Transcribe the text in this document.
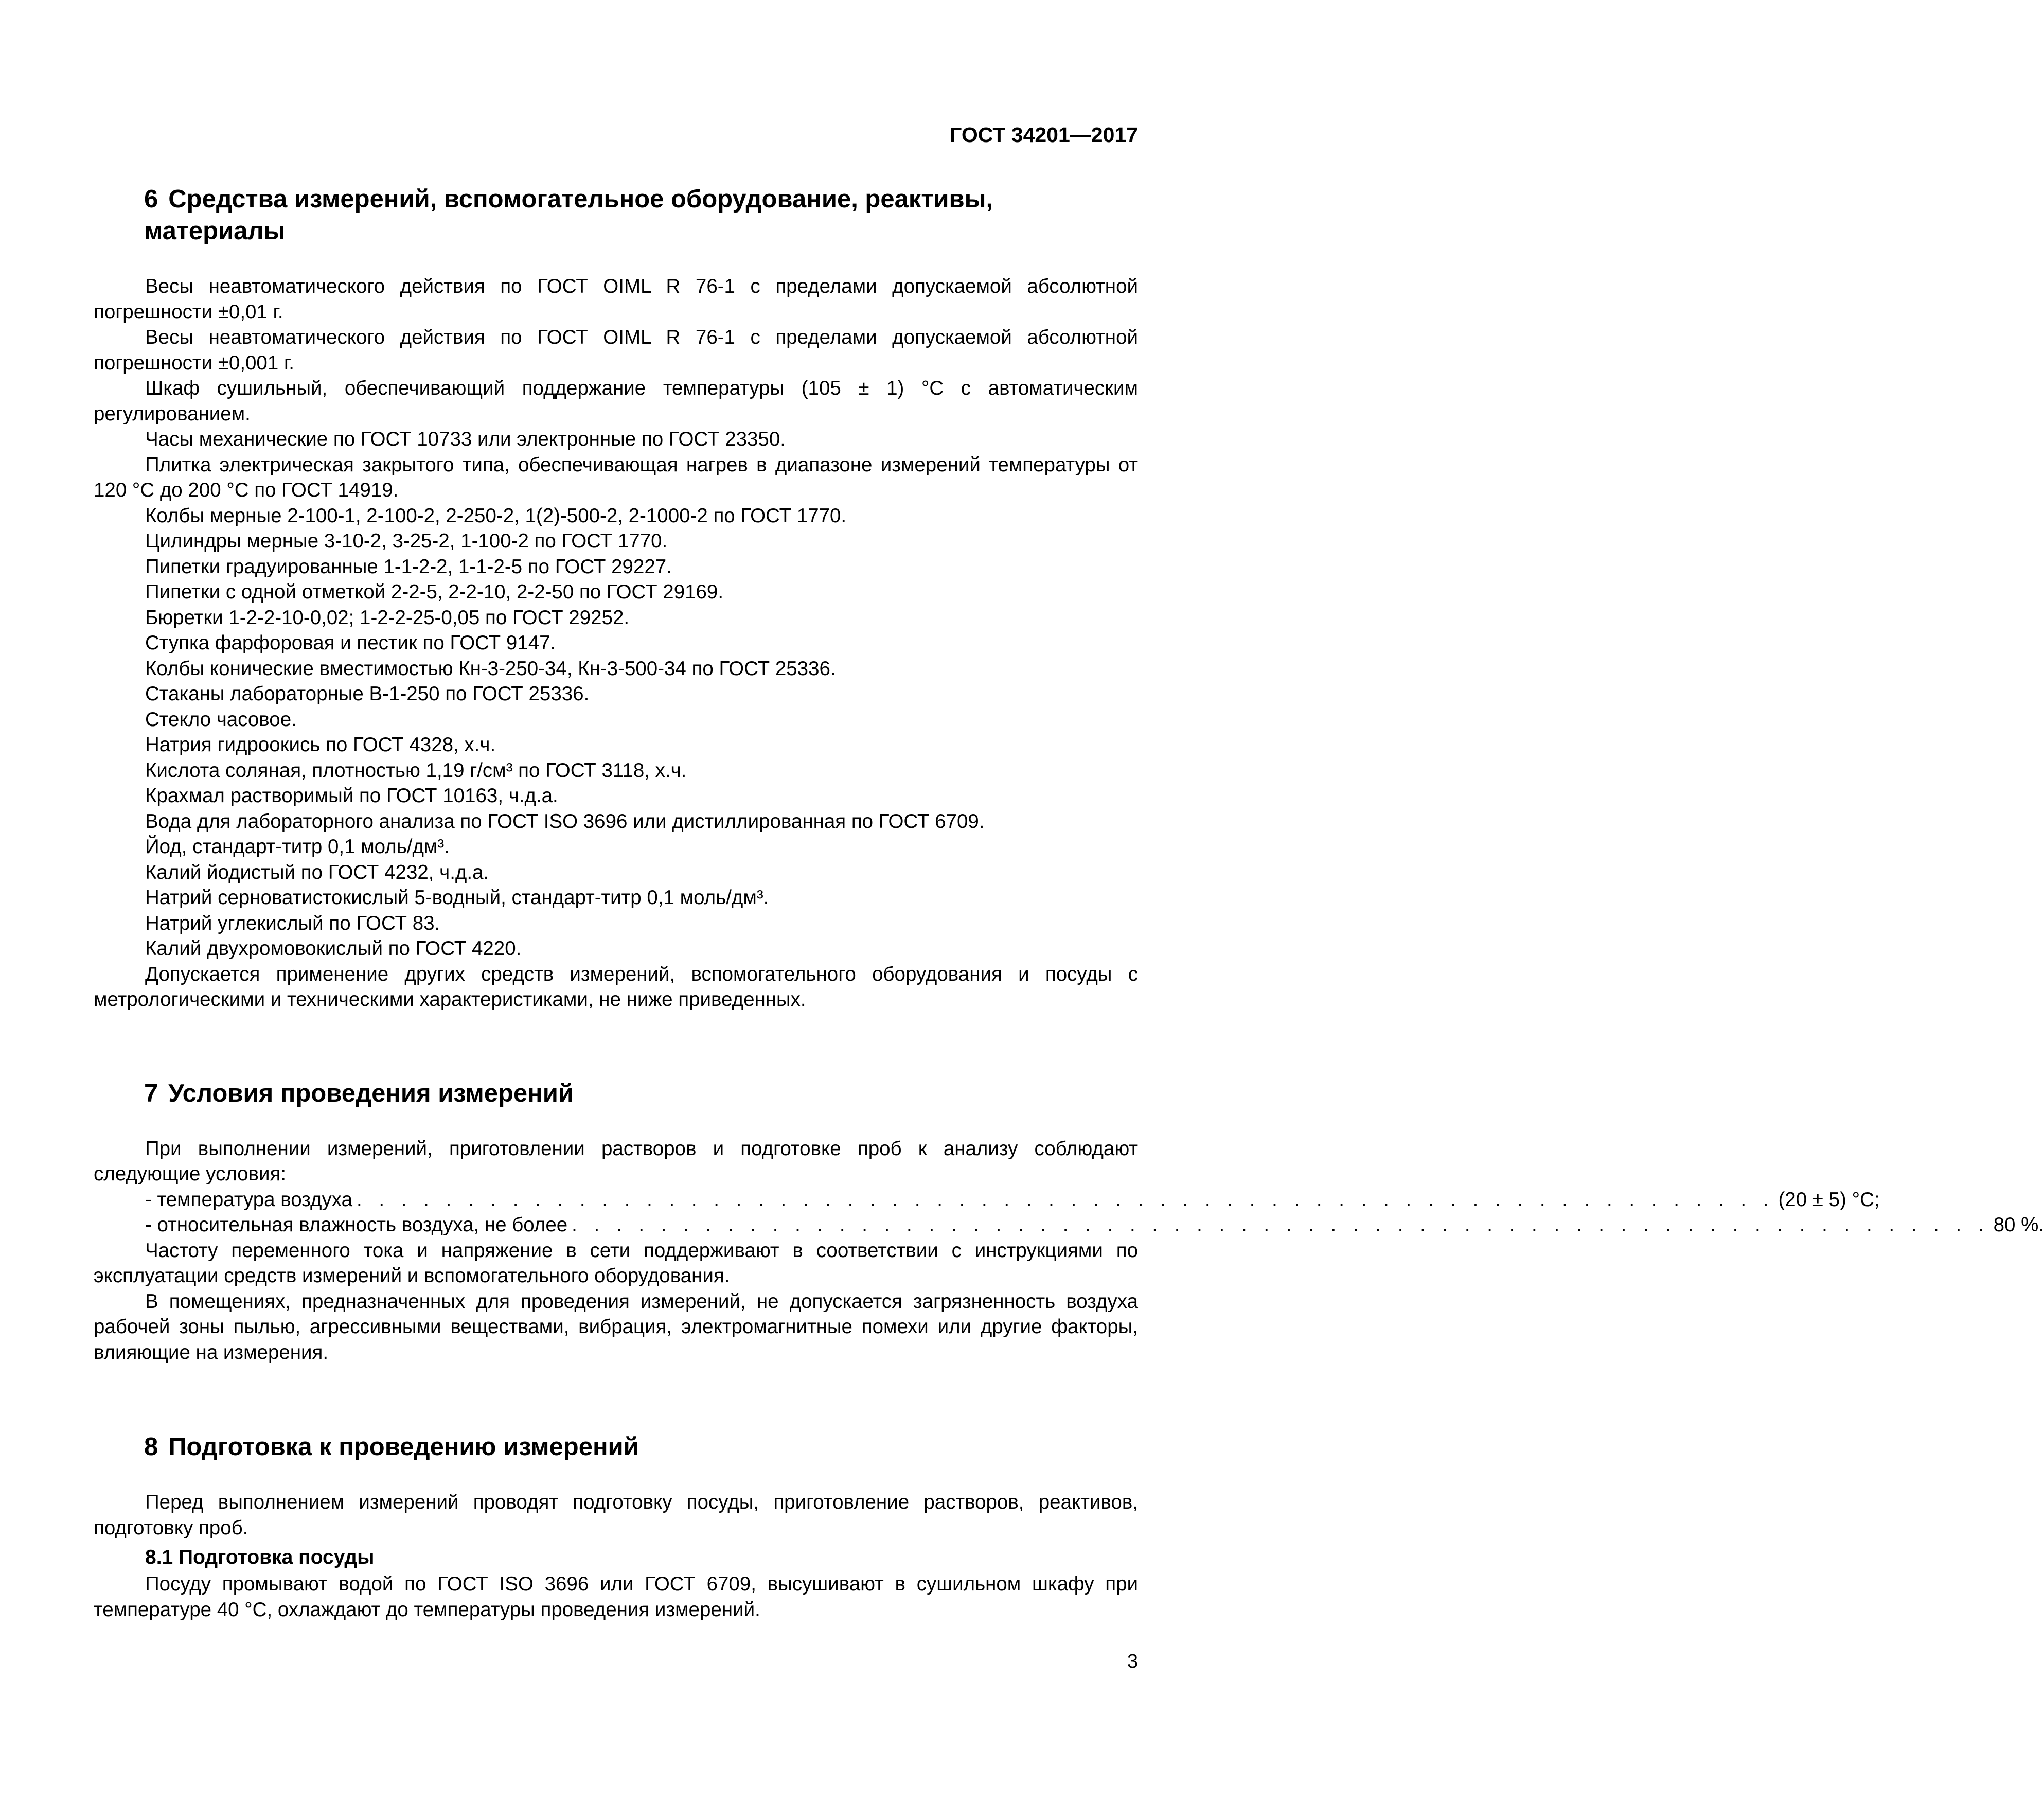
ГОСТ 34201—2017
6 Средства измерений, вспомогательное оборудование, реактивы, материалы

Весы неавтоматического действия по ГОСТ OIML R 76-1 с пределами допускаемой абсолютной погрешности ±0,01 г.

Весы неавтоматического действия по ГОСТ OIML R 76-1 с пределами допускаемой абсолютной погрешности ±0,001 г.

Шкаф сушильный, обеспечивающий поддержание температуры (105 ± 1) °С с автоматическим регулированием.

Часы механические по ГОСТ 10733 или электронные по ГОСТ 23350.

Плитка электрическая закрытого типа, обеспечивающая нагрев в диапазоне измерений температуры от 120 °С до 200 °С по ГОСТ 14919.

Колбы мерные 2-100-1, 2-100-2, 2-250-2, 1(2)-500-2, 2-1000-2 по ГОСТ 1770.

Цилиндры мерные 3-10-2, 3-25-2, 1-100-2 по ГОСТ 1770.

Пипетки градуированные 1-1-2-2, 1-1-2-5 по ГОСТ 29227.

Пипетки с одной отметкой 2-2-5, 2-2-10, 2-2-50 по ГОСТ 29169.

Бюретки 1-2-2-10-0,02; 1-2-2-25-0,05 по ГОСТ 29252.

Ступка фарфоровая и пестик по ГОСТ 9147.

Колбы конические вместимостью Кн-3-250-34, Кн-3-500-34 по ГОСТ 25336.

Стаканы лабораторные В-1-250 по ГОСТ 25336.

Стекло часовое.

Натрия гидроокись по ГОСТ 4328, х.ч.

Кислота соляная, плотностью 1,19 г/см³ по ГОСТ 3118, х.ч.

Крахмал растворимый по ГОСТ 10163, ч.д.а.

Вода для лабораторного анализа по ГОСТ ISO 3696 или дистиллированная по ГОСТ 6709.

Йод, стандарт-титр 0,1 моль/дм³.

Калий йодистый по ГОСТ 4232, ч.д.а.

Натрий серноватистокислый 5-водный, стандарт-титр 0,1 моль/дм³.

Натрий углекислый по ГОСТ 83.

Калий двухромовокислый по ГОСТ 4220.

Допускается применение других средств измерений, вспомогательного оборудования и посуды с метрологическими и техническими характеристиками, не ниже приведенных.

7 Условия проведения измерений

При выполнении измерений, приготовлении растворов и подготовке проб к анализу соблюдают следующие условия:

- температура воздуха . . . . . . . . . . . . . . . . . . . . . . . . . . . . . . . . . . . . . . . . . . . . . . . . . . . . . . . . . . . . . . . . (20 ± 5) °С;
- относительная влажность воздуха, не более . . . . . . . . . . . . . . . . . . . . . . . . . . . . . . . . . . . . . . . . . . . . . . . . . . . . . . . . . . . . . . . . 80 %.

Частоту переменного тока и напряжение в сети поддерживают в соответствии с инструкциями по эксплуатации средств измерений и вспомогательного оборудования.

В помещениях, предназначенных для проведения измерений, не допускается загрязненность воздуха рабочей зоны пылью, агрессивными веществами, вибрация, электромагнитные помехи или другие факторы, влияющие на измерения.

8 Подготовка к проведению измерений

Перед выполнением измерений проводят подготовку посуды, приготовление растворов, реактивов, подготовку проб.

8.1 Подготовка посуды

Посуду промывают водой по ГОСТ ISO 3696 или ГОСТ 6709, высушивают в сушильном шкафу при температуре 40 °С, охлаждают до температуры проведения измерений.

3
